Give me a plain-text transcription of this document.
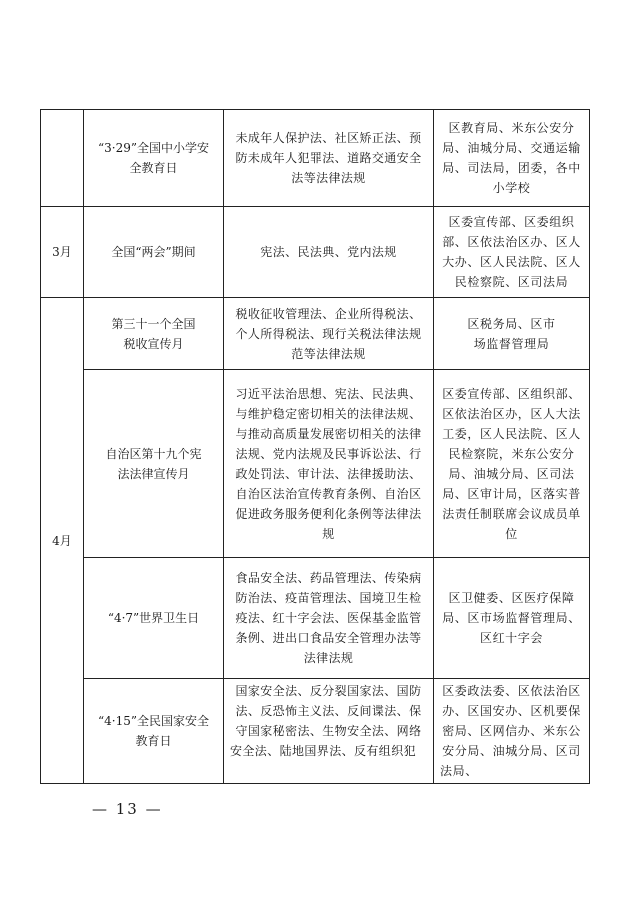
	“3·29”全国中小学安全教育日	未成年人保护法、社区矫正法、预防未成年人犯罪法、道路交通安全法等法律法规	区教育局、米东公安分局、油城分局、交通运输局、司法局，团委，各中小学校
3月	全国“两会”期间	宪法、民法典、党内法规	区委宣传部、区委组织部、区依法治区办、区人大办、区人民法院、区人民检察院、区司法局
4月	第三十一个全国税收宣传月	税收征收管理法、企业所得税法、个人所得税法、现行关税法律法规范等法律法规	区税务局、区市场监督管理局
	自治区第十九个宪法法律宣传月	习近平法治思想、宪法、民法典、与维护稳定密切相关的法律法规、与推动高质量发展密切相关的法律法规、党内法规及民事诉讼法、行政处罚法、审计法、法律援助法、自治区法治宣传教育条例、自治区促进政务服务便利化条例等法律法规	区委宣传部、区组织部、区依法治区办，区人大法工委，区人民法院、区人民检察院，米东公安分局、油城分局、区司法局、区审计局，区落实普法责任制联席会议成员单位
	“4·7”世界卫生日	食品安全法、药品管理法、传染病防治法、疫苗管理法、国境卫生检疫法、红十字会法、医保基金监管条例、进出口食品安全管理办法等法律法规	区卫健委、区医疗保障局、区市场监督管理局、区红十字会
	“4·15”全民国家安全教育日	国家安全法、反分裂国家法、国防法、反恐怖主义法、反间谍法、保守国家秘密法、生物安全法、网络安全法、陆地国界法、反有组织犯	区委政法委、区依法治区办、区国安办、区机要保密局、区网信办、米东公安分局、油城分局、区司法局、
— 13 —
